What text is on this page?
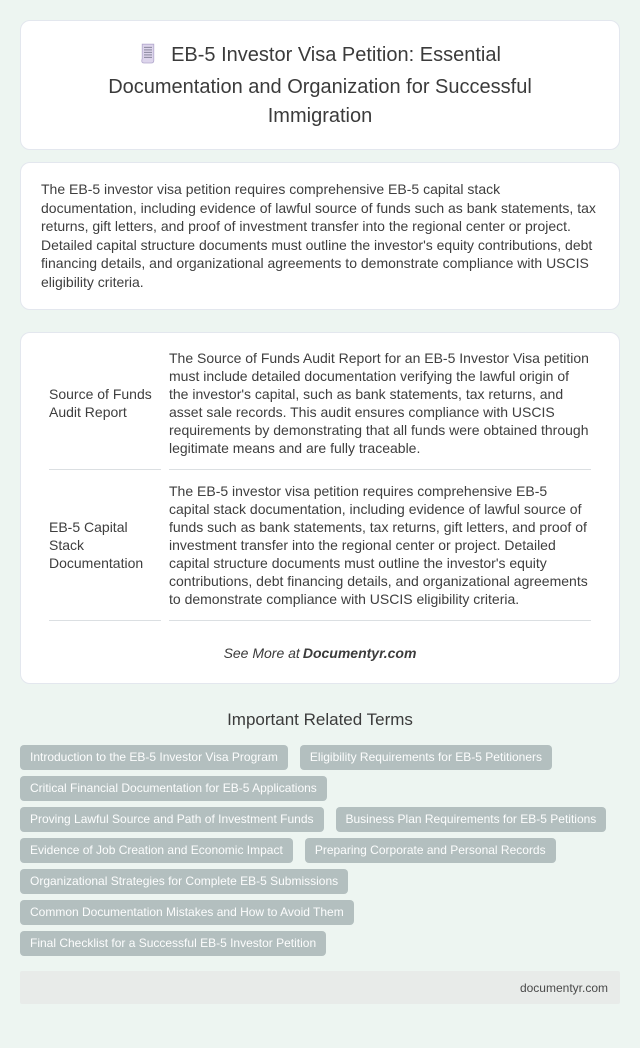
EB-5 Investor Visa Petition: Essential Documentation and Organization for Successful Immigration

The EB-5 investor visa petition requires comprehensive EB-5 capital stack documentation, including evidence of lawful source of funds such as bank statements, tax returns, gift letters, and proof of investment transfer into the regional center or project. Detailed capital structure documents must outline the investor's equity contributions, debt financing details, and organizational agreements to demonstrate compliance with USCIS eligibility criteria.

Source of Funds Audit Report	The Source of Funds Audit Report for an EB-5 Investor Visa petition must include detailed documentation verifying the lawful origin of the investor's capital, such as bank statements, tax returns, and asset sale records. This audit ensures compliance with USCIS requirements by demonstrating that all funds were obtained through legitimate means and are fully traceable.
EB-5 Capital Stack Documentation	The EB-5 investor visa petition requires comprehensive EB-5 capital stack documentation, including evidence of lawful source of funds such as bank statements, tax returns, gift letters, and proof of investment transfer into the regional center or project. Detailed capital structure documents must outline the investor's equity contributions, debt financing details, and organizational agreements to demonstrate compliance with USCIS eligibility criteria.

See More at Documentyr.com

Important Related Terms
Introduction to the EB-5 Investor Visa Program	Eligibility Requirements for EB-5 Petitioners
Critical Financial Documentation for EB-5 Applications
Proving Lawful Source and Path of Investment Funds	Business Plan Requirements for EB-5 Petitions
Evidence of Job Creation and Economic Impact	Preparing Corporate and Personal Records
Organizational Strategies for Complete EB-5 Submissions
Common Documentation Mistakes and How to Avoid Them
Final Checklist for a Successful EB-5 Investor Petition
documentyr.com
